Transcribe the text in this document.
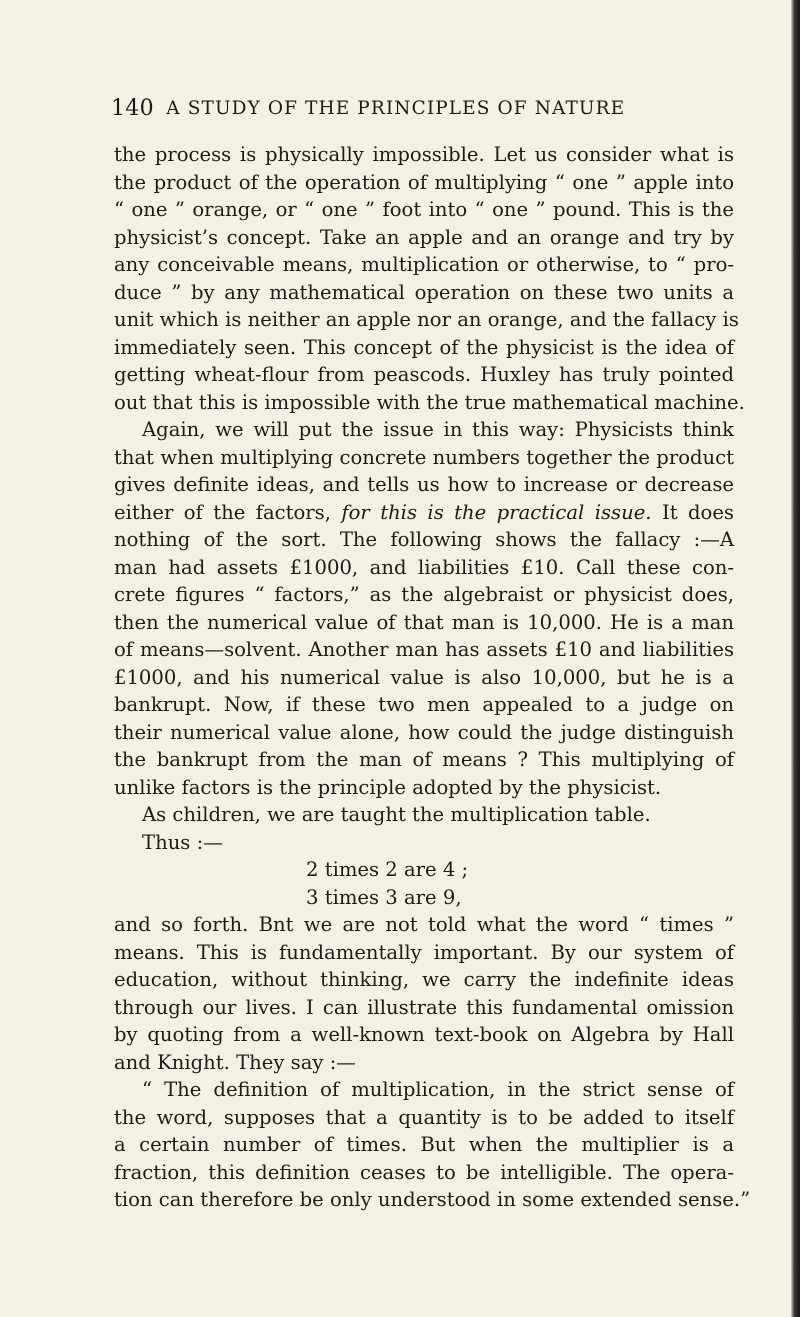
140 A STUDY OF THE PRINCIPLES OF NATURE
the process is physically impossible. Let us consider what is
the product of the operation of multiplying “ one ” apple into
“ one ” orange, or “ one ” foot into “ one ” pound. This is the
physicist’s concept. Take an apple and an orange and try by
any conceivable means, multiplication or otherwise, to “ pro-
duce ” by any mathematical operation on these two units a
unit which is neither an apple nor an orange, and the fallacy is
immediately seen. This concept of the physicist is the idea of
getting wheat-flour from peascods. Huxley has truly pointed
out that this is impossible with the true mathematical machine.
Again, we will put the issue in this way: Physicists think
that when multiplying concrete numbers together the product
gives definite ideas, and tells us how to increase or decrease
either of the factors, for this is the practical issue. It does
nothing of the sort. The following shows the fallacy :—A
man had assets £1000, and liabilities £10. Call these con-
crete figures “ factors,” as the algebraist or physicist does,
then the numerical value of that man is 10,000. He is a man
of means—solvent. Another man has assets £10 and liabilities
£1000, and his numerical value is also 10,000, but he is a
bankrupt. Now, if these two men appealed to a judge on
their numerical value alone, how could the judge distinguish
the bankrupt from the man of means ? This multiplying of
unlike factors is the principle adopted by the physicist.
As children, we are taught the multiplication table.
Thus :—
2 times 2 are 4 ;
3 times 3 are 9,
and so forth. Bnt we are not told what the word “ times ”
means. This is fundamentally important. By our system of
education, without thinking, we carry the indefinite ideas
through our lives. I can illustrate this fundamental omission
by quoting from a well-known text-book on Algebra by Hall
and Knight. They say :—
“ The definition of multiplication, in the strict sense of
the word, supposes that a quantity is to be added to itself
a certain number of times. But when the multiplier is a
fraction, this definition ceases to be intelligible. The opera-
tion can therefore be only understood in some extended sense.”
